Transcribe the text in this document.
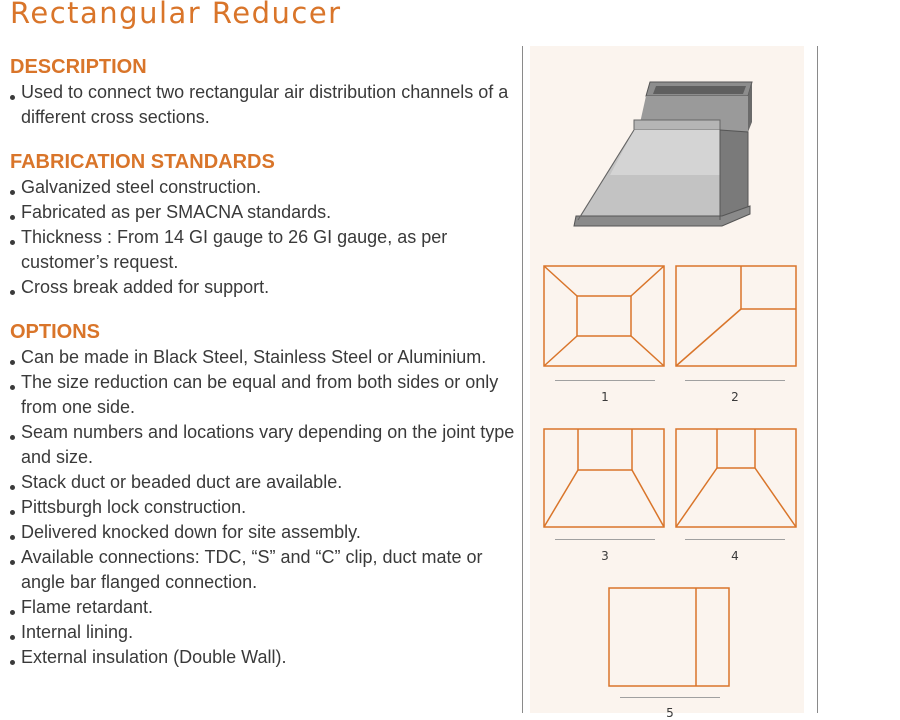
Rectangular Reducer
DESCRIPTION
Used to connect two rectangular air distribution channels of a different cross sections.
FABRICATION STANDARDS
Galvanized steel construction.
Fabricated as per SMACNA standards.
Thickness : From 14 GI gauge to 26 GI gauge, as per customer’s request.
Cross break added for support.
OPTIONS
Can be made in Black Steel, Stainless Steel or Aluminium.
The size reduction can be equal and from both sides or only from one side.
Seam numbers and locations vary depending on the joint type and size.
Stack duct or beaded duct are available.
Pittsburgh lock construction.
Delivered knocked down for site assembly.
Available connections: TDC, “S” and “C” clip, duct mate or angle bar flanged connection.
Flame retardant.
Internal lining.
External insulation (Double Wall).
1	2
3	4
5
